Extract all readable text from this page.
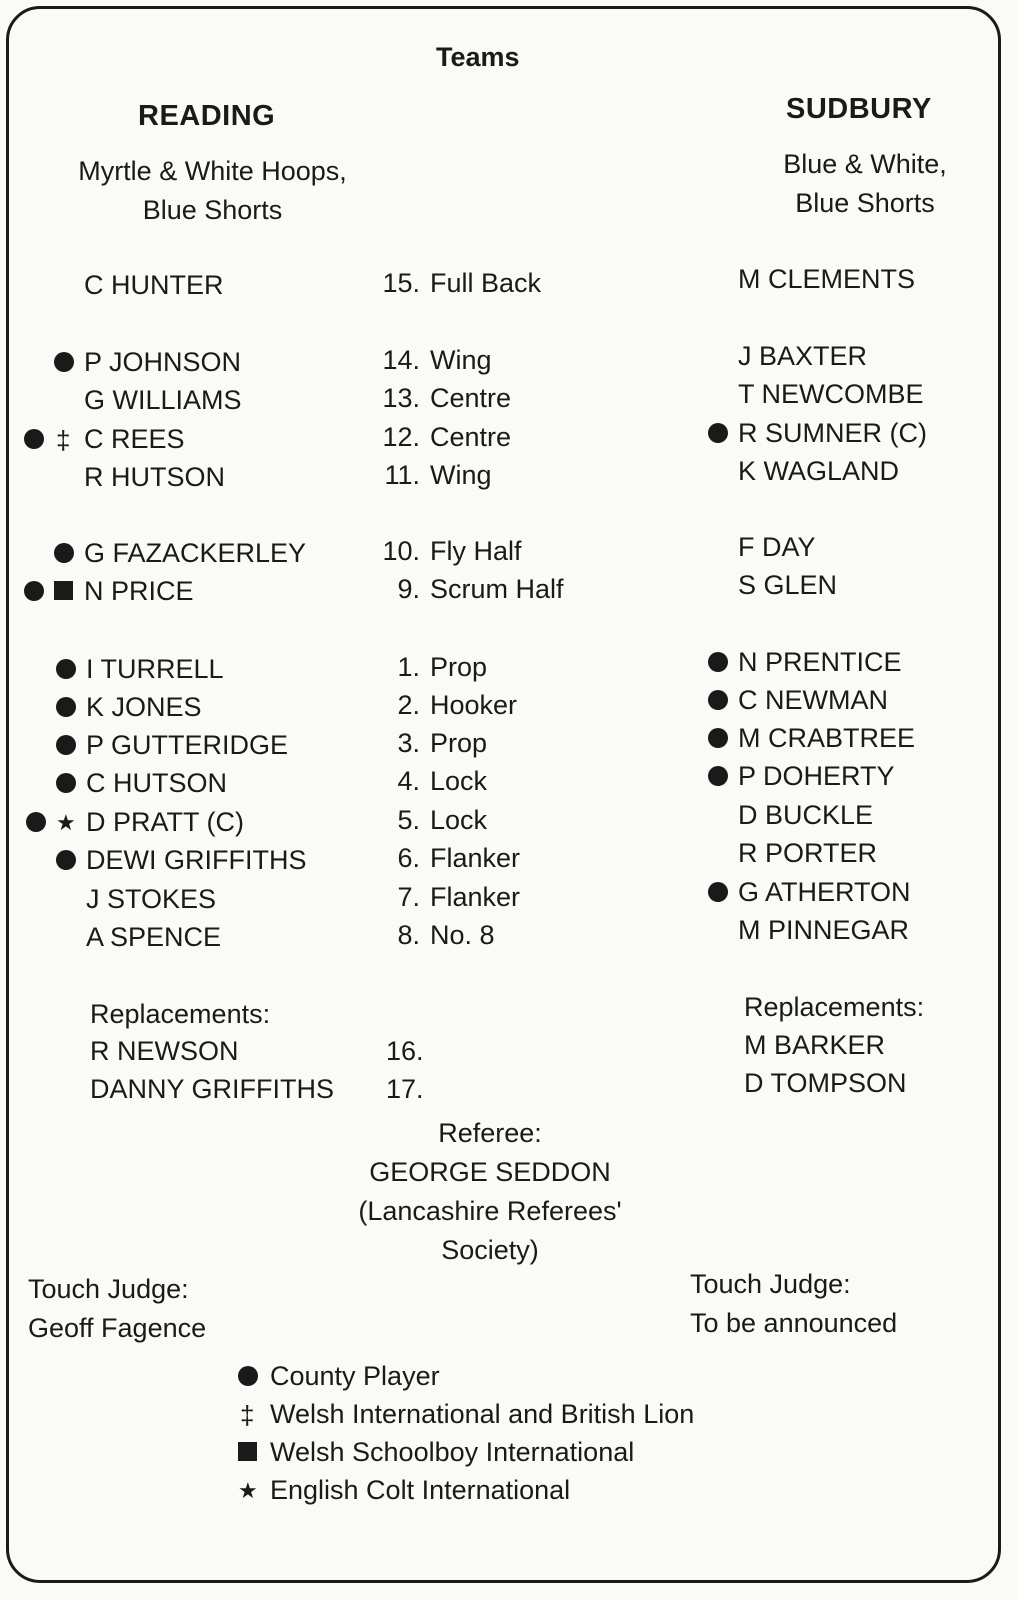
Teams
READING	SUDBURY
Myrtle & White Hoops,
Blue Shorts
Blue & White,
Blue Shorts
C HUNTER
P JOHNSON
G WILLIAMS
C REES
‡
R HUTSON
G FAZACKERLEY
N PRICE
I TURRELL
K JONES
P GUTTERIDGE
C HUTSON
D PRATT (C)
★
DEWI GRIFFITHS
J STOKES
A SPENCE
15. Full Back
14. Wing
13. Centre
12. Centre
11. Wing
10. Fly Half
9. Scrum Half
1. Prop
2. Hooker
3. Prop
4. Lock
5. Lock
6. Flanker
7. Flanker
8. No. 8
M CLEMENTS
J BAXTER
T NEWCOMBE
R SUMNER (C)
K WAGLAND
F DAY
S GLEN
N PRENTICE
C NEWMAN
M CRABTREE
P DOHERTY
D BUCKLE
R PORTER
G ATHERTON
M PINNEGAR
Replacements:
R NEWSON	16.
DANNY GRIFFITHS 17.
Replacements:
M BARKER
D TOMPSON
Referee:
GEORGE SEDDON
(Lancashire Referees'
Society)
Touch Judge:
Geoff Fagence
Touch Judge:
To be announced
County Player
‡ Welsh International and British Lion
Welsh Schoolboy International
★ English Colt International
